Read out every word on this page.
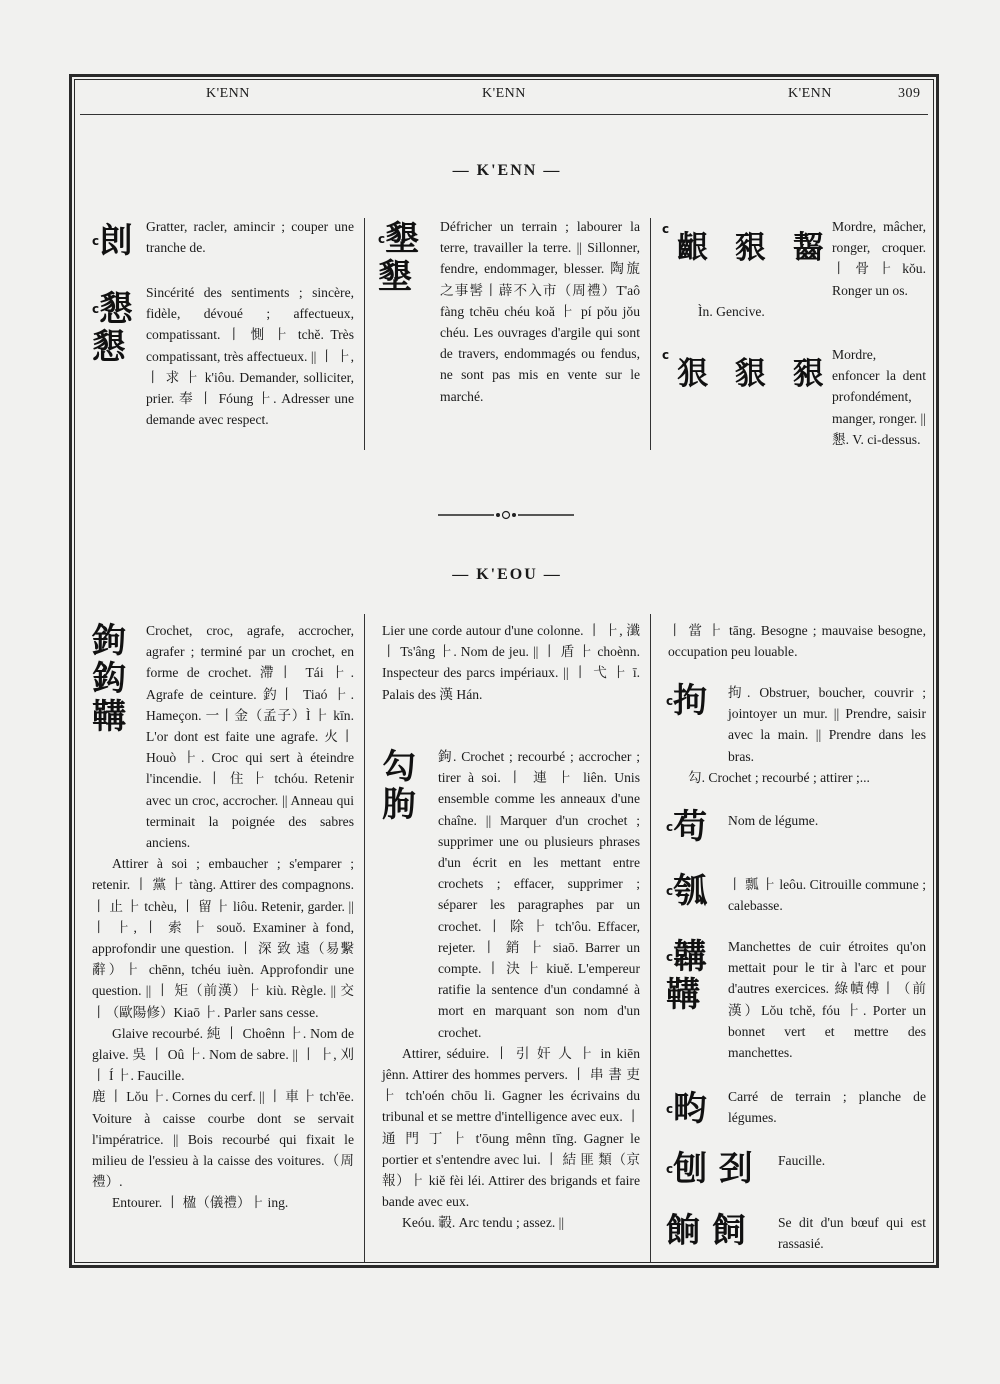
K'ENN	K'ENN	K'ENN	309
— K'ENN —
— K'EOU —
$^c$剆 Gratter, racler, amincir ; couper une tranche de.

$^c$懇
懇

Sincérité des sentiments ; sincère, fidèle, dévoué ; affectueux, compatissant. 丨 惻 ⺊ tchĕ. Très compatissant, très affectueux. || 丨 ⺊, 丨 求 ⺊ k'iôu. Demander, solliciter, prier. 奉 丨 Fóung ⺊. Adresser une demande avec respect.

$^c$墾
墾

Défricher un terrain ; labourer la terre, travailler la terre. || Sillonner, fendre, endommager, blesser. 陶旊之事髺丨薜不入市（周禮）T'aô fàng tchēu chéu koă ⺊ pí pŏu jŏu chéu. Les ouvrages d'argile qui sont de travers, endommagés ou fendus, ne sont pas mis en vente sur le marché.

$^c$齦 豤 齧

Mordre, mâcher, ronger, croquer. 丨 骨 ⺊ kŏu. Ronger un os.

Ìn. Gencive.

$^c$狠 貇 豤

Mordre, enfoncer la dent profondément, manger, ronger. || 懇. V. ci-dessus.

鉤
鈎
鞲

Crochet, croc, agrafe, accrocher, agrafer ; terminé par un crochet, en forme de crochet. 滯丨 Tái ⺊. Agrafe de ceinture. 釣丨 Tiaó ⺊. Hameçon. 一丨金（孟子）Ì ⺊ kīn. L'or dont est faite une agrafe. 火丨 Houò ⺊. Croc qui sert à éteindre l'incendie. 丨 住 ⺊ tchóu. Retenir avec un croc, accrocher. || Anneau qui terminait la poignée des sabres anciens.

Attirer à soi ; embaucher ; s'emparer ; retenir. 丨 黨 ⺊ tàng. Attirer des compagnons. 丨 止 ⺊ tchèu, 丨 留 ⺊ liôu. Retenir, garder. || 丨 ⺊, 丨 索 ⺊ souŏ. Examiner à fond, approfondir une question. 丨 深 致 遠（易繫辭）⺊ chēnn, tchéu iuèn. Approfondir une question. || 丨 矩（前漢）⺊ kiù. Règle. || 交 丨（歐陽修）Kiaō ⺊. Parler sans cesse.

Glaive recourbé. 純 丨 Choênn ⺊. Nom de glaive. 吳 丨 Oû ⺊. Nom de sabre. || 丨 ⺊, 刈 丨 Í ⺊. Faucille.

鹿 丨 Lŏu ⺊. Cornes du cerf. || 丨 車 ⺊ tch'ēe. Voiture à caisse courbe dont se servait l'impératrice. || Bois recourbé qui fixait le milieu de l'essieu à la caisse des voitures.（周禮）.

Entourer. 丨 楹（儀禮）⺊ ing.

Lier une corde autour d'une colonne. 丨 ⺊, 瀸 丨 Ts'âng ⺊. Nom de jeu. || 丨 盾 ⺊ choènn. Inspecteur des parcs impériaux. || 丨 弋 ⺊ ī. Palais des 漢 Hán.

勾
朐

鉤. Crochet ; recourbé ; accrocher ; tirer à soi. 丨 連 ⺊ liên. Unis ensemble comme les anneaux d'une chaîne. || Marquer d'un crochet ; supprimer une ou plusieurs phrases d'un écrit en les mettant entre crochets ; effacer, supprimer ; séparer les paragraphes par un crochet. 丨 除 ⺊ tch'ôu. Effacer, rejeter. 丨 銷 ⺊ siaō. Barrer un compte. 丨 決 ⺊ kiuĕ. L'empereur ratifie la sentence d'un condamné à mort en marquant son nom d'un crochet.

Attirer, séduire. 丨 引 奸 人 ⺊ in kiēn jênn. Attirer des hommes pervers. 丨 串 書 吏 ⺊ tch'oén chōu li. Gagner les écrivains du tribunal et se mettre d'intelligence avec eux. 丨 通 門 丁 ⺊ t'ōung mênn tīng. Gagner le portier et s'entendre avec lui. 丨 結 匪 類（京報）⺊ kiĕ fèi léi. Attirer des brigands et faire bande avec eux.

Keóu. 轂. Arc tendu ; assez. ||

丨 當 ⺊ tāng. Besogne ; mauvaise besogne, occupation peu louable.

$^c$拘	拘. Obstruer, boucher, couvrir ; jointoyer un mur. || Prendre, saisir avec la main. || Prendre dans les bras.

勾. Crochet ; recourbé ; attirer ;...

$^c$苟 Nom de légume.

$^c$瓠 丨 瓢 ⺊ leôu. Citrouille commune ; calebasse.

$^c$韝
鞲

Manchettes de cuir étroites qu'on mettait pour le tir à l'arc et pour d'autres exercices. 綠幘傅丨（前漢）Lŏu tchĕ, fóu ⺊. Porter un bonnet vert et mettre des manchettes.

$^c$畇 Carré de terrain ; planche de légumes.

$^c$刨 刭 Faucille.

餉 飼 Se dit d'un bœuf qui est rassasié.
